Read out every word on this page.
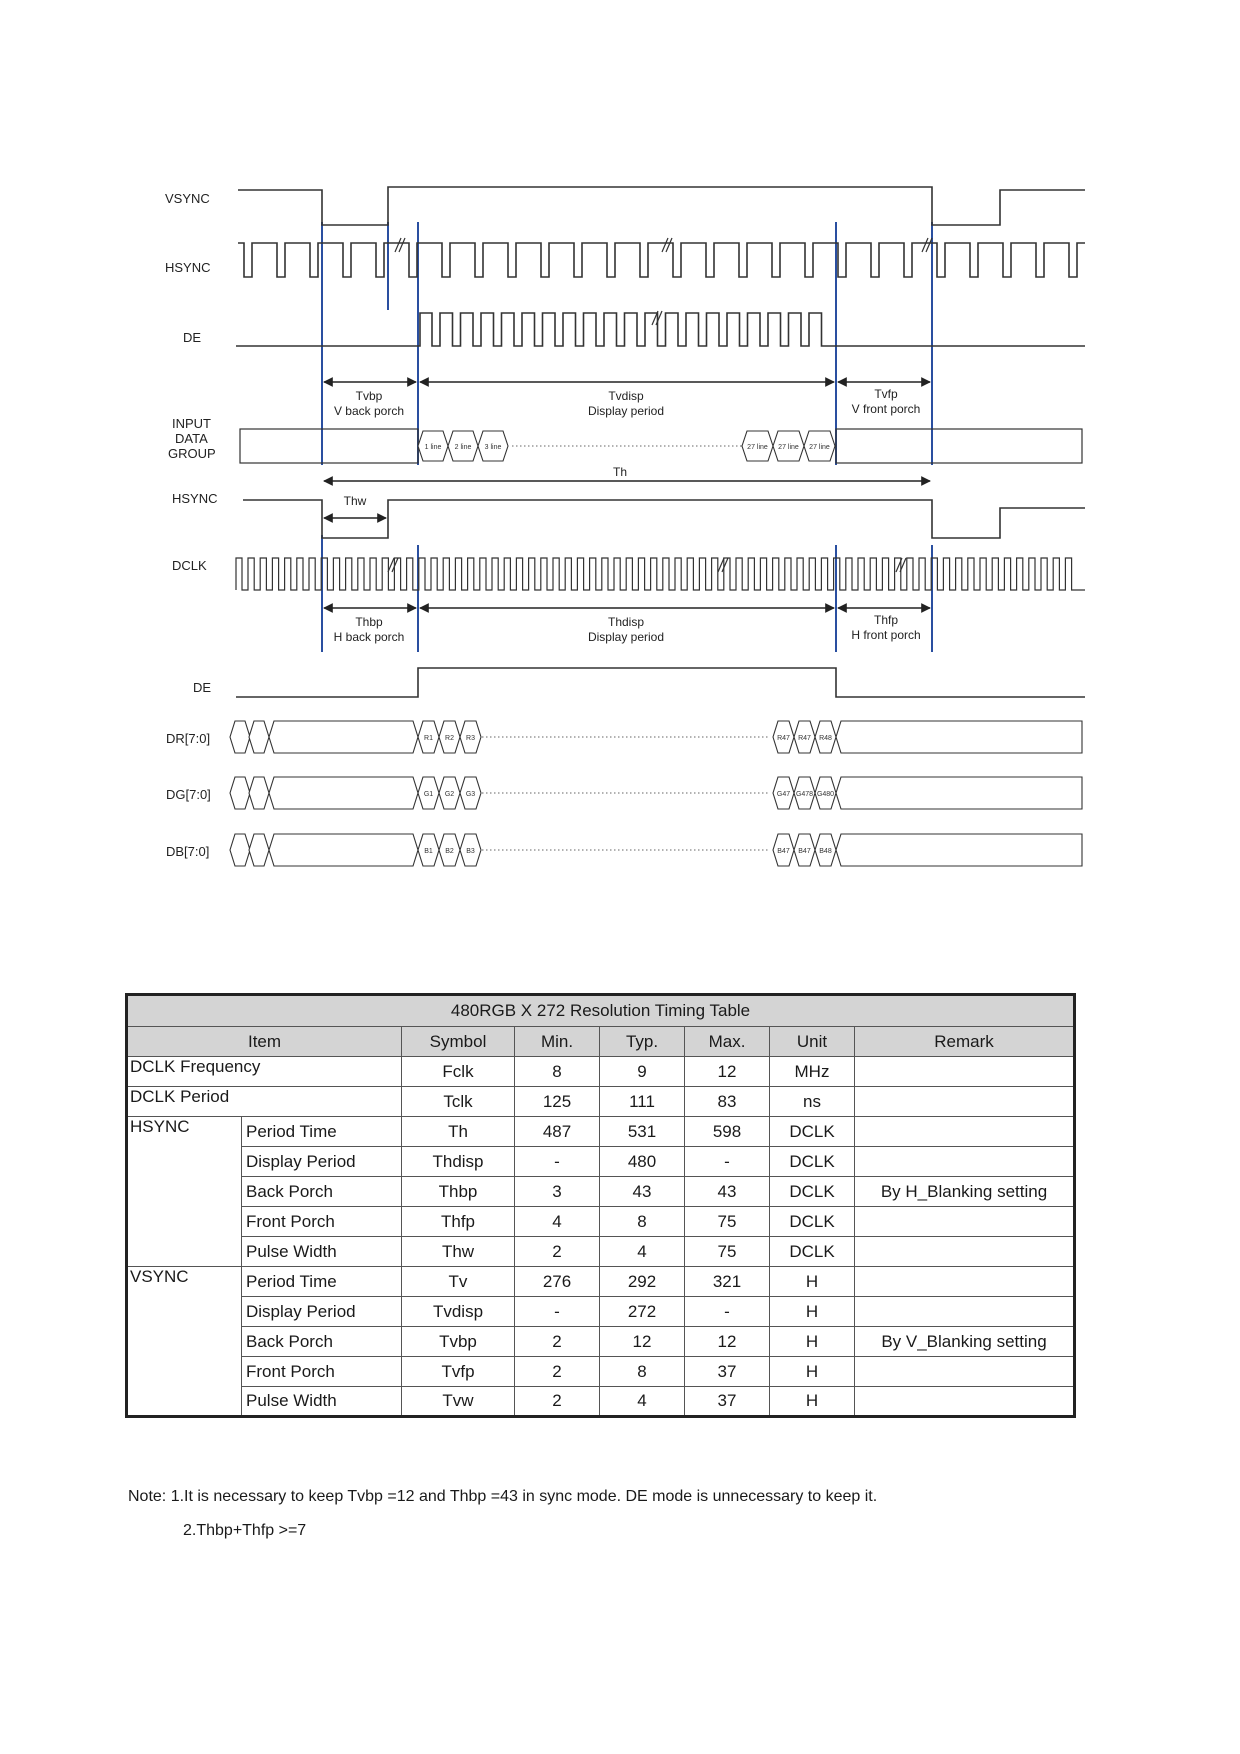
VSYNC
HSYNC
DE
INPUT
DATA
GROUP
HSYNC
DCLK
DE
DR[7:0]
DG[7:0]
DB[7:0]
Tvbp
V back porch
Tvdisp
Display period
Tvfp
V front porch
1 line 2 line 3 line	27 line 27 line 27 line
Th
Thw
Thbp
H back porch
Thdisp
Display period
Thfp
H front porch
R1 R2 R3	R47 R47 R48
G1 G2 G3	G47 G478 G480
B1 B2 B3	B47 B47 B48
480RGB X 272 Resolution Timing Table							
Item		Symbol	Min.	Typ.	Max.	Unit	Remark
DCLK Frequency		Fclk	8	9	12	MHz	
DCLK Period		Tclk	125	111	83	ns	
HSYNC	Period Time	Th	487	531	598	DCLK	
	Display Period	Thdisp	-	480	-	DCLK	
	Back Porch	Thbp	3	43	43	DCLK	By H_Blanking setting
	Front Porch	Thfp	4	8	75	DCLK	
	Pulse Width	Thw	2	4	75	DCLK	
VSYNC	Period Time	Tv	276	292	321	H	
	Display Period	Tvdisp	-	272	-	H	
	Back Porch	Tvbp	2	12	12	H	By V_Blanking setting
	Front Porch	Tvfp	2	8	37	H	
	Pulse Width	Tvw	2	4	37	H	
Note: 1.It is necessary to keep Tvbp =12 and Thbp =43 in sync mode. DE mode is unnecessary to keep it.
2.Thbp+Thfp >=7
